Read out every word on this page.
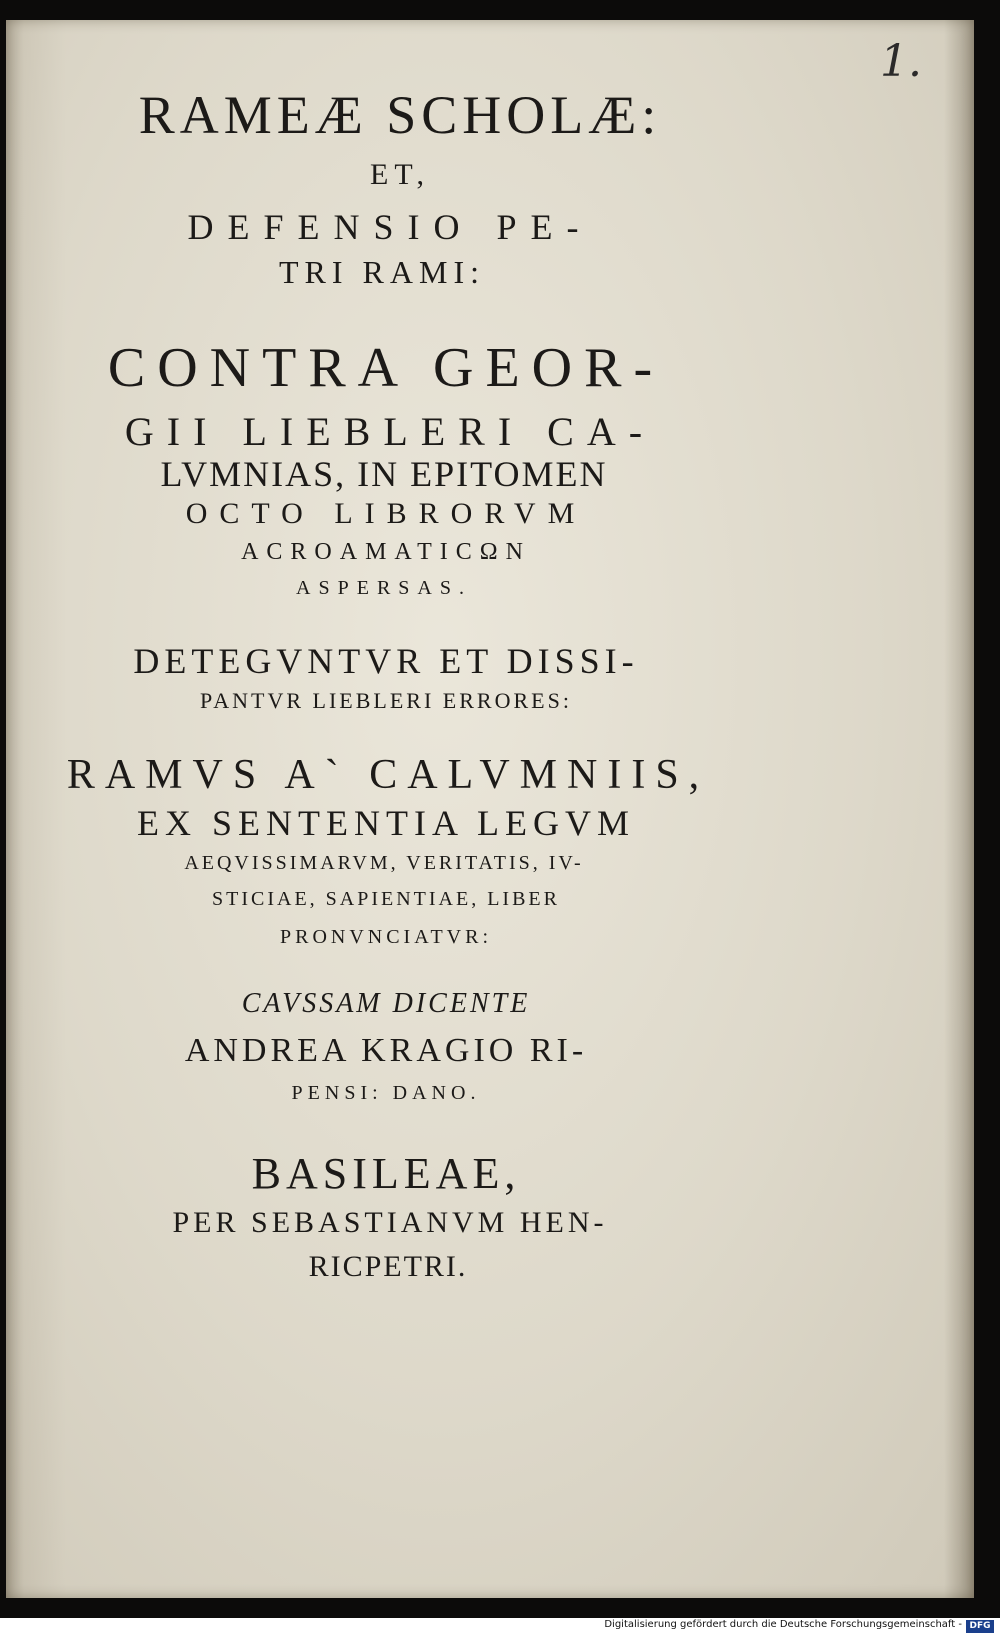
1.
RAMEÆ SCHOLÆ:
ET,
DEFENSIO PE-
TRI RAMI:
CONTRA GEOR-
GII LIEBLERI CA-
LVMNIAS, IN EPITOMEN
OCTO LIBRORVM
ACROAMATICΩN
ASPERSAS.
DETEGVNTVR ET DISSI-
PANTVR LIEBLERI ERRORES:
RAMVS A` CALVMNIIS,
EX SENTENTIA LEGVM
AEQVISSIMARVM, VERITATIS, IV-
STICIAE, SAPIENTIAE, LIBER
PRONVNCIATVR:
CAVSSAM DICENTE
ANDREA KRAGIO RI-
PENSI: DANO.
BASILEAE,
PER SEBASTIANVM HEN-
RICPETRI.
Digitalisierung gefördert durch die Deutsche Forschungsgemeinschaft - DFG
